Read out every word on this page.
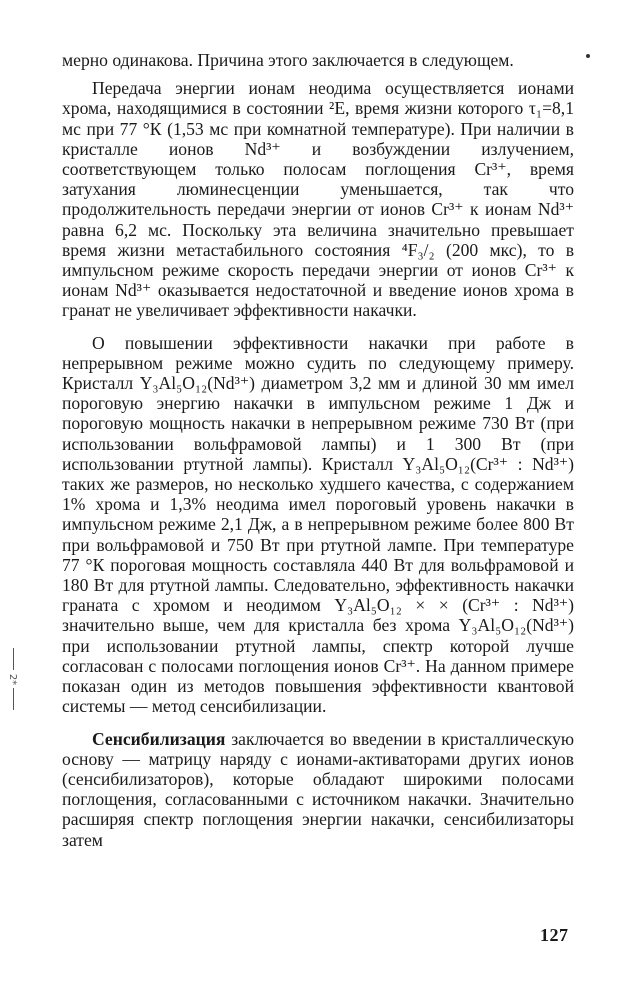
2*

мерно одинакова. Причина этого заключается в следующем.

Передача энергии ионам неодима осуществляется ионами хрома, находящимися в состоянии ²E, время жизни которого τ₁=8,1 мс при 77 °К (1,53 мс при комнатной температуре). При наличии в кристалле ионов Nd³⁺ и возбуждении излучением, соответствующем только полосам поглощения Cr³⁺, время затухания люминесценции уменьшается, так что продолжительность передачи энергии от ионов Cr³⁺ к ионам Nd³⁺ равна 6,2 мс. Поскольку эта величина значительно превышает время жизни метастабильного состояния ⁴F₃/₂ (200 мкс), то в импульсном режиме скорость передачи энергии от ионов Cr³⁺ к ионам Nd³⁺ оказывается недостаточной и введение ионов хрома в гранат не увеличивает эффективности накачки.

О повышении эффективности накачки при работе в непрерывном режиме можно судить по следующему примеру. Кристалл Y₃Al₅O₁₂(Nd³⁺) диаметром 3,2 мм и длиной 30 мм имел пороговую энергию накачки в импульсном режиме 1 Дж и пороговую мощность накачки в непрерывном режиме 730 Вт (при использовании вольфрамовой лампы) и 1 300 Вт (при использовании ртутной лампы). Кристалл Y₃Al₅O₁₂(Cr³⁺ : Nd³⁺) таких же размеров, но несколько худшего качества, с содержанием 1% хрома и 1,3% неодима имел пороговый уровень накачки в импульсном режиме 2,1 Дж, а в непрерывном режиме более 800 Вт при вольфрамовой и 750 Вт при ртутной лампе. При температуре 77 °К пороговая мощность составляла 440 Вт для вольфрамовой и 180 Вт для ртутной лампы. Следовательно, эффективность накачки граната с хромом и неодимом Y₃Al₅O₁₂ × × (Cr³⁺ : Nd³⁺) значительно выше, чем для кристалла без хрома Y₃Al₅O₁₂(Nd³⁺) при использовании ртутной лампы, спектр которой лучше согласован с полосами поглощения ионов Cr³⁺. На данном примере показан один из методов повышения эффективности квантовой системы — метод сенсибилизации.

Сенсибилизация заключается во введении в кристаллическую основу — матрицу наряду с ионами-активаторами других ионов (сенсибилизаторов), которые обладают широкими полосами поглощения, согласованными с источником накачки. Значительно расширяя спектр поглощения энергии накачки, сенсибилизаторы затем

127
